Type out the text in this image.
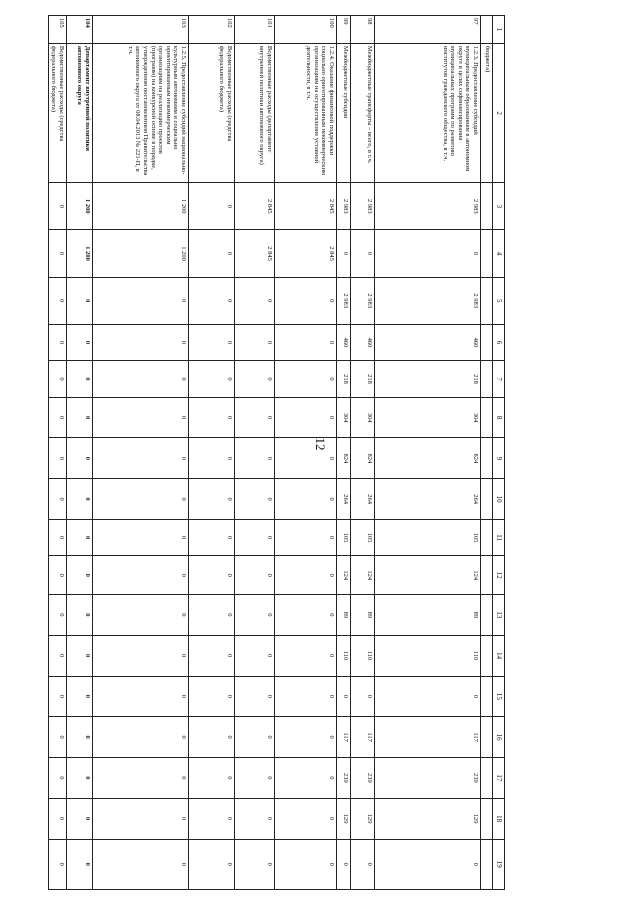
12
1	2	3	4	5	6	7	8	9	10	11	12	13	14	15	16	17	18	19
	бюджета)																	
97	1.2.3. Предоставление субсидий муниципальным образованиям в автономном округе в целях софинансирования муниципальных программ по развитию институтов гражданского общества, в т.ч.	2 983	0	2 983	460	218	304	824	264	105	124	89	110	0	117	239	129	0
98	Межбюджетные трансферты – всего, в т.ч.	2 983	0	2 983	460	218	304	824	264	105	124	89	110	0	117	239	129	0
99	Межбюджетные субсидии	2 983	0	2 983	460	218	304	824	264	105	124	89	110	0	117	239	129	0
100	1.2.4. Оказание финансовой поддержки социально ориентированным некоммерческим организациям на осуществление уставной деятельности, в т.ч.	2 845	2 845	0	0	0	0	0	0	0	0	0	0	0	0	0	0	0
101	Ведомственные расходы (департамент внутренней политики автономного округа)	2 845	2 845	0	0	0	0	0	0	0	0	0	0	0	0	0	0	0
102	Ведомственные расходы (средства федерального бюджета)	0	0	0	0	0	0	0	0	0	0	0	0	0	0	0	0	0
103	1.2.5. Предоставление субсидий национально-культурным автономиям и социально ориентированным некоммерческим организациям на реализацию проектов (программ) на конкурсной основе в порядке, утвержденном постановлением Правительства автономного округа от 08.04.2013 № 221-П, в т.ч.	1 200	1 200	0	0	0	0	0	0	0	0	0	0	0	0	0	0	0
104	Департамент внутренней политики автономного округа	1 200	1 200	0	0	0	0	0	0	0	0	0	0	0	0	0	0	0
105	Ведомственные расходы (средства федерального бюджета)	0	0	0	0	0	0	0	0	0	0	0	0	0	0	0	0	0
